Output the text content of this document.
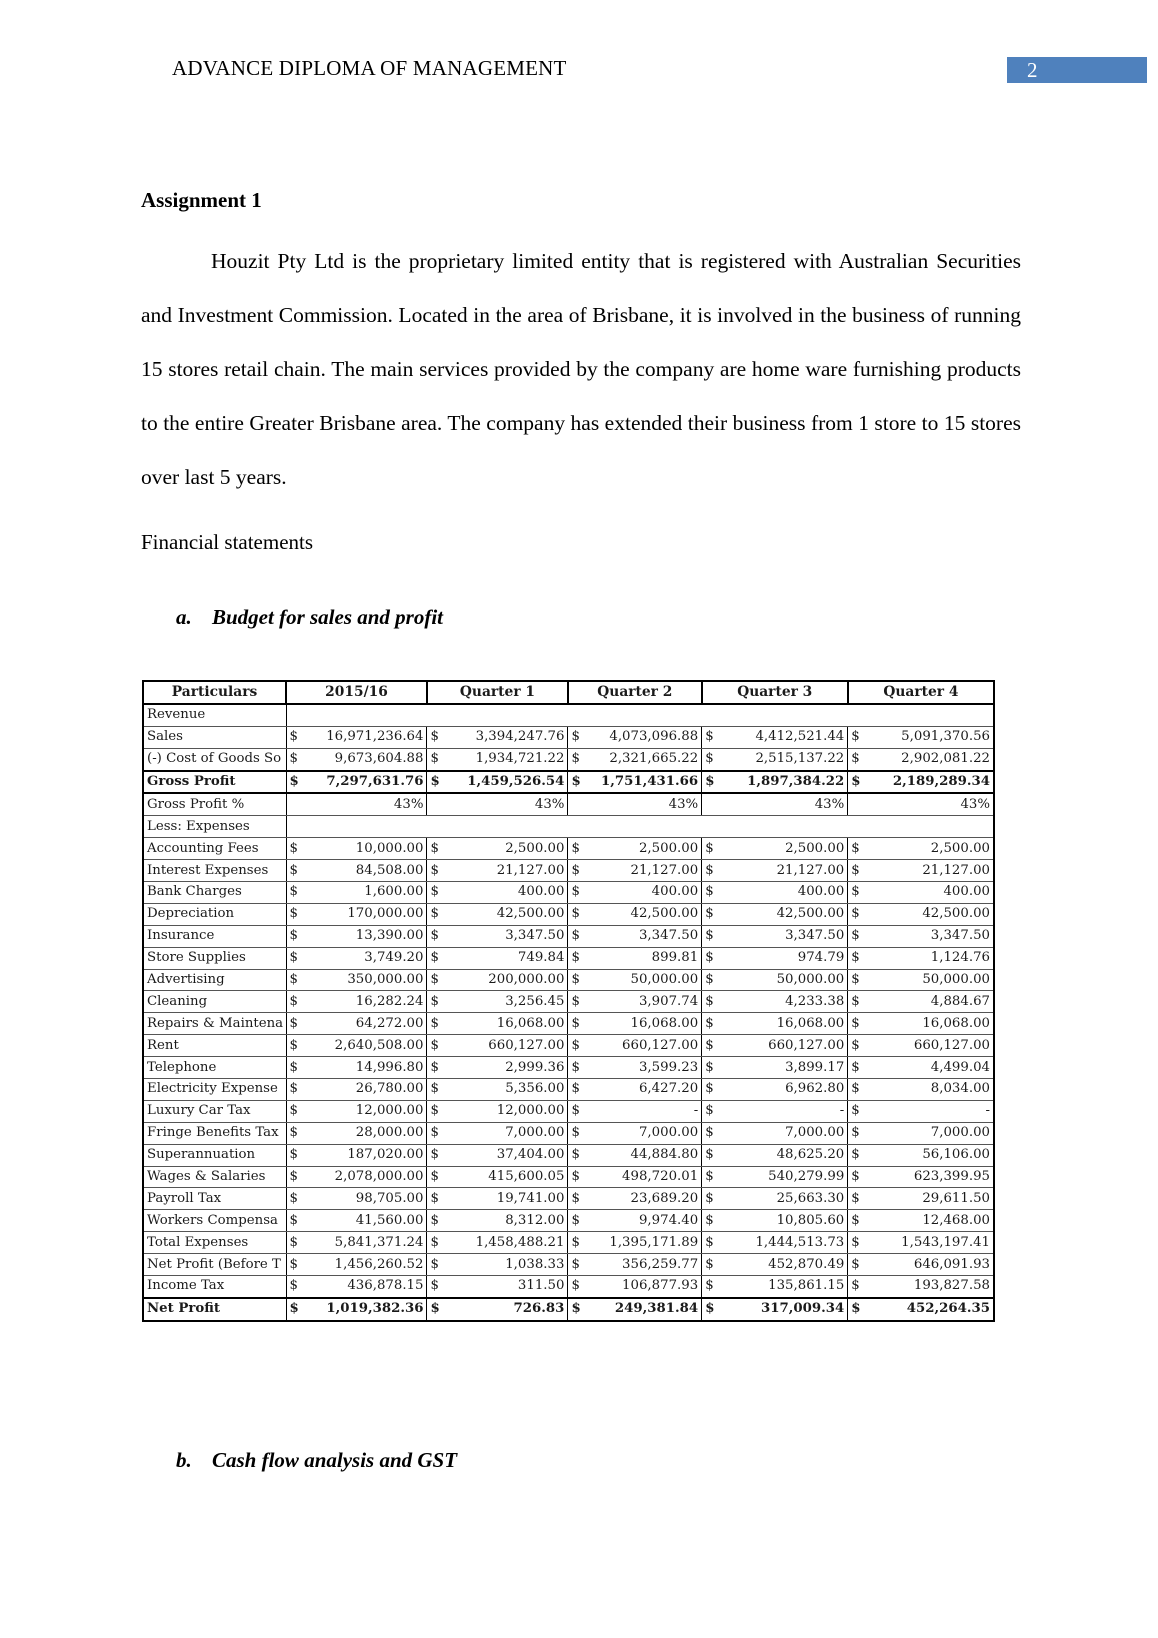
ADVANCE DIPLOMA OF MANAGEMENT	2
Assignment 1

Houzit Pty Ltd is the proprietary limited entity that is registered with Australian Securities and Investment Commission. Located in the area of Brisbane, it is involved in the business of running 15 stores retail chain. The main services provided by the company are home ware furnishing products to the entire Greater Brisbane area. The company has extended their business from 1 store to 15 stores over last 5 years.

Financial statements
a. Budget for sales and profit
Particulars	2015/16		Quarter 1		Quarter 2		Quarter 3		Quarter 4	
Revenue										
Sales	$	16,971,236.64	$	3,394,247.76	$	4,073,096.88	$	4,412,521.44	$	5,091,370.56
(-) Cost of Goods So	$	9,673,604.88	$	1,934,721.22	$	2,321,665.22	$	2,515,137.22	$	2,902,081.22
Gross Profit	$	7,297,631.76	$	1,459,526.54	$	1,751,431.66	$	1,897,384.22	$	2,189,289.34
Gross Profit %	43%		43%		43%		43%		43%	
Less: Expenses										
Accounting Fees	$	10,000.00	$	2,500.00	$	2,500.00	$	2,500.00	$	2,500.00
Interest Expenses	$	84,508.00	$	21,127.00	$	21,127.00	$	21,127.00	$	21,127.00
Bank Charges	$	1,600.00	$	400.00	$	400.00	$	400.00	$	400.00
Depreciation	$	170,000.00	$	42,500.00	$	42,500.00	$	42,500.00	$	42,500.00
Insurance	$	13,390.00	$	3,347.50	$	3,347.50	$	3,347.50	$	3,347.50
Store Supplies	$	3,749.20	$	749.84	$	899.81	$	974.79	$	1,124.76
Advertising	$	350,000.00	$	200,000.00	$	50,000.00	$	50,000.00	$	50,000.00
Cleaning	$	16,282.24	$	3,256.45	$	3,907.74	$	4,233.38	$	4,884.67
Repairs & Maintena	$	64,272.00	$	16,068.00	$	16,068.00	$	16,068.00	$	16,068.00
Rent	$	2,640,508.00	$	660,127.00	$	660,127.00	$	660,127.00	$	660,127.00
Telephone	$	14,996.80	$	2,999.36	$	3,599.23	$	3,899.17	$	4,499.04
Electricity Expense	$	26,780.00	$	5,356.00	$	6,427.20	$	6,962.80	$	8,034.00
Luxury Car Tax	$	12,000.00	$	12,000.00	$	-	$	-	$	-
Fringe Benefits Tax	$	28,000.00	$	7,000.00	$	7,000.00	$	7,000.00	$	7,000.00
Superannuation	$	187,020.00	$	37,404.00	$	44,884.80	$	48,625.20	$	56,106.00
Wages & Salaries	$	2,078,000.00	$	415,600.05	$	498,720.01	$	540,279.99	$	623,399.95
Payroll Tax	$	98,705.00	$	19,741.00	$	23,689.20	$	25,663.30	$	29,611.50
Workers Compensa	$	41,560.00	$	8,312.00	$	9,974.40	$	10,805.60	$	12,468.00
Total Expenses	$	5,841,371.24	$	1,458,488.21	$	1,395,171.89	$	1,444,513.73	$	1,543,197.41
Net Profit (Before T	$	1,456,260.52	$	1,038.33	$	356,259.77	$	452,870.49	$	646,091.93
Income Tax	$	436,878.15	$	311.50	$	106,877.93	$	135,861.15	$	193,827.58
Net Profit	$	1,019,382.36	$	726.83	$	249,381.84	$	317,009.34	$	452,264.35
b. Cash flow analysis and GST
